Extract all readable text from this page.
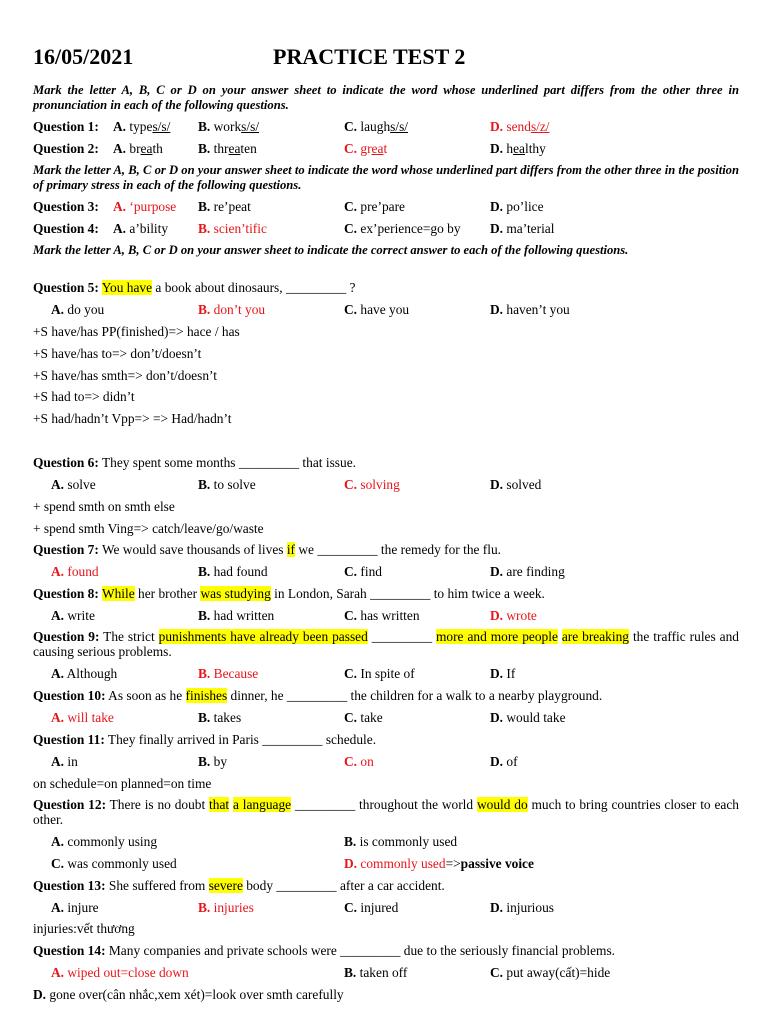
16/05/2021	PRACTICE TEST 2
Mark the letter A, B, C or D on your answer sheet to indicate the word whose underlined part differs from the other three in pronunciation in each of the following questions.
Question 1: A. types/s/ B. works/s/	C. laughs/s/	D. sends/z/
Question 2: A. breath	B. threaten	C. great	D. healthy
Mark the letter A, B, C or D on your answer sheet to indicate the word whose underlined part differs from the other three in the position of primary stress in each of the following questions.
Question 3: A. ‘purpose B. re’peat	C. pre’pare	D. po’lice
Question 4: A. a’bility B. scien’tific	C. ex’perience=go by D. ma’terial
Mark the letter A, B, C or D on your answer sheet to indicate the correct answer to each of the following questions.
Question 5: You have a book about dinosaurs, _________ ?
A. do you	B. don’t you	C. have you	D. haven’t you
+S have/has PP(finished)=> hace / has
+S have/has to=> don’t/doesn’t
+S have/has smth=> don’t/doesn’t
+S had to=> didn’t
+S had/hadn’t Vpp=> => Had/hadn’t
Question 6: They spent some months _________ that issue.
A. solve	B. to solve	C. solving	D. solved
+ spend smth on smth else
+ spend smth Ving=> catch/leave/go/waste
Question 7: We would save thousands of lives if we _________ the remedy for the flu.
A. found	B. had found	C. find	D. are finding
Question 8: While her brother was studying in London, Sarah _________ to him twice a week.
A. write	B. had written	C. has written	D. wrote
Question 9: The strict punishments have already been passed _________ more and more people are breaking the traffic rules and causing serious problems.
A. Although	B. Because	C. In spite of	D. If
Question 10: As soon as he finishes dinner, he _________ the children for a walk to a nearby playground.
A. will take	B. takes	C. take	D. would take
Question 11: They finally arrived in Paris _________ schedule.
A. in	B. by	C. on	D. of
on schedule=on planned=on time
Question 12: There is no doubt that a language _________ throughout the world would do much to bring countries closer to each other.
A. commonly using	B. is commonly used
C. was commonly used	D. commonly used=>passive voice
Question 13: She suffered from severe body _________ after a car accident.
A. injure	B. injuries	C. injured	D. injurious
injuries:vết thương
Question 14: Many companies and private schools were _________ due to the seriously financial problems.
A. wiped out=close down	B. taken off	C. put away(cất)=hide
D. gone over(cân nhắc,xem xét)=look over smth carefully
